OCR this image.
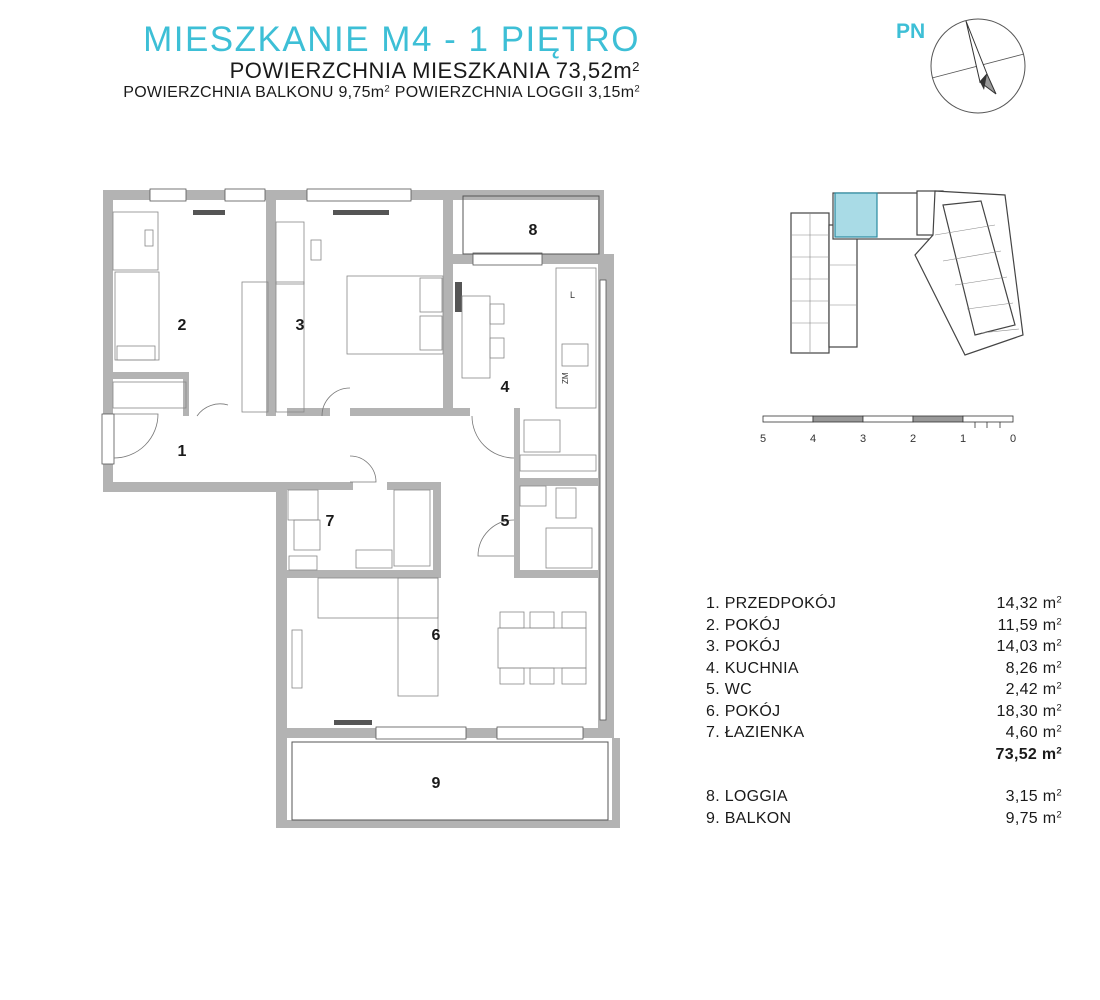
MIESZKANIE M4 - 1 PIĘTRO
POWIERZCHNIA MIESZKANIA $73,52m^2$
POWIERZCHNIA BALKONU $9,75m^2$ POWIERZCHNIA LOGGII $3,15m^2$
PN
1
2	3
4
5
6
7
8
9
ZM
L
5	4	3	2	1	0
1. PRZEDPOKÓJ	14,32 $m^2$
2. POKÓJ	11,59 $m^2$
3. POKÓJ	14,03 $m^2$
4. KUCHNIA	8,26 $m^2$
5. WC	2,42 $m^2$
6. POKÓJ	18,30 $m^2$
7. ŁAZIENKA	4,60 $m^2$
73,52 $m^2$
8. LOGGIA	3,15 $m^2$
9. BALKON	9,75 $m^2$
